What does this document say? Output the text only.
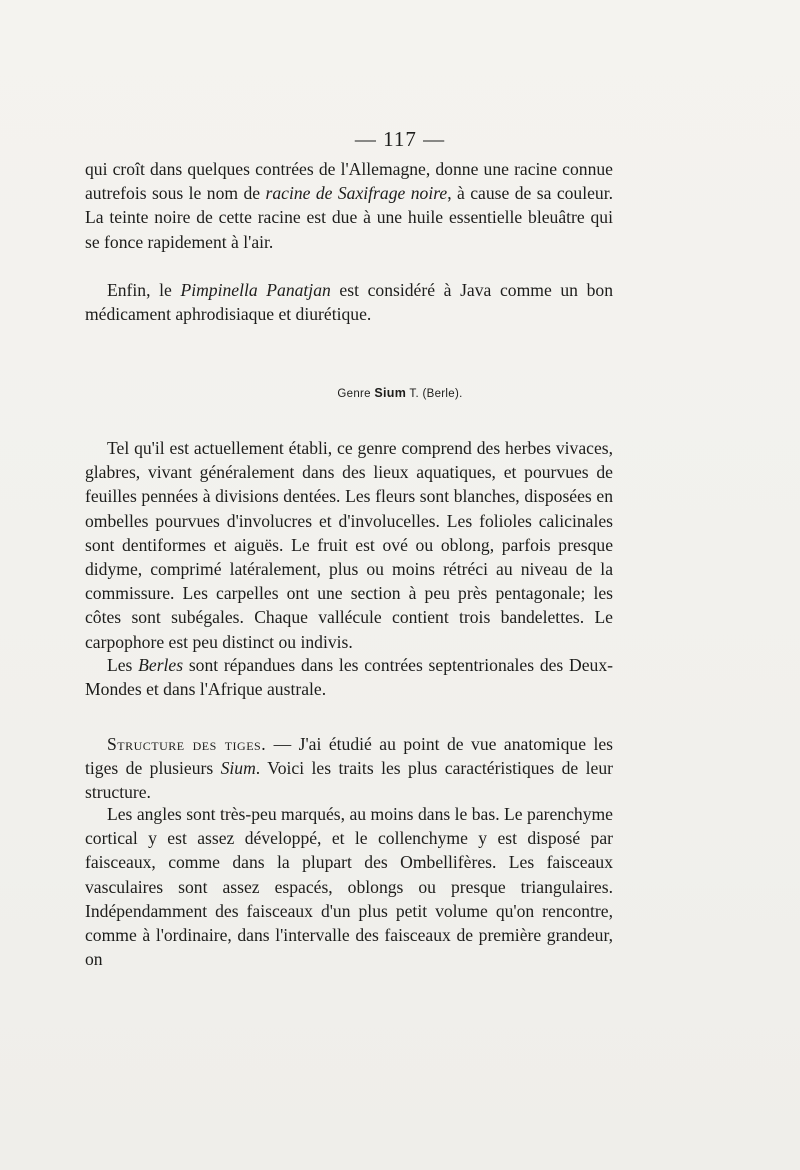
— 117 —

qui croît dans quelques contrées de l'Allemagne, donne une racine connue autrefois sous le nom de racine de Saxifrage noire, à cause de sa couleur. La teinte noire de cette racine est due à une huile essentielle bleuâtre qui se fonce rapidement à l'air.

Enfin, le Pimpinella Panatjan est considéré à Java comme un bon médicament aphrodisiaque et diurétique.

Genre Sium T. (Berle).

Tel qu'il est actuellement établi, ce genre comprend des herbes vivaces, glabres, vivant généralement dans des lieux aquatiques, et pourvues de feuilles pennées à divisions dentées. Les fleurs sont blanches, disposées en ombelles pourvues d'involucres et d'involucelles. Les folioles calicinales sont dentiformes et aiguës. Le fruit est ové ou oblong, parfois presque didyme, comprimé latéralement, plus ou moins rétréci au niveau de la commissure. Les carpelles ont une section à peu près pentagonale; les côtes sont subégales. Chaque vallécule contient trois bandelettes. Le carpophore est peu distinct ou indivis.

Les Berles sont répandues dans les contrées septentrionales des Deux-Mondes et dans l'Afrique australe.

Structure des tiges. — J'ai étudié au point de vue anatomique les tiges de plusieurs Sium. Voici les traits les plus caractéristiques de leur structure.

Les angles sont très-peu marqués, au moins dans le bas. Le parenchyme cortical y est assez développé, et le collenchyme y est disposé par faisceaux, comme dans la plupart des Ombellifères. Les faisceaux vasculaires sont assez espacés, oblongs ou presque triangulaires. Indépendamment des faisceaux d'un plus petit volume qu'on rencontre, comme à l'ordinaire, dans l'intervalle des faisceaux de première grandeur, on
